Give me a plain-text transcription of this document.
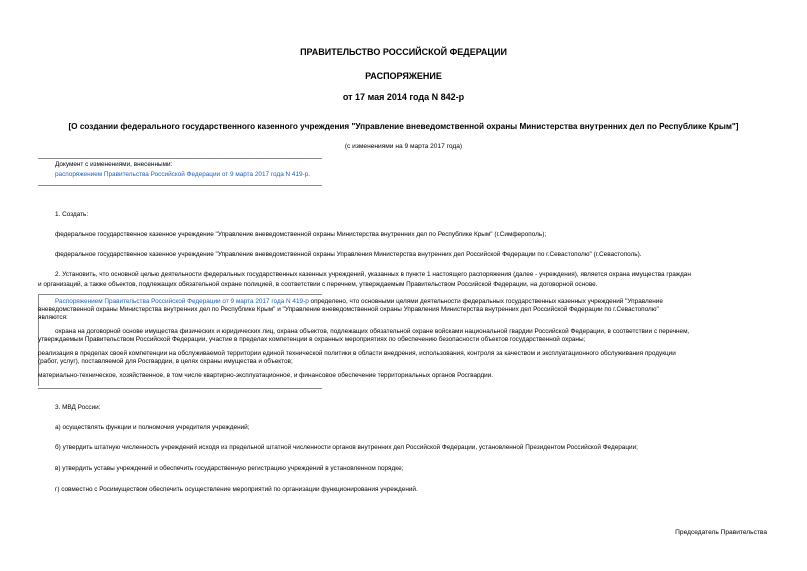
ПРАВИТЕЛЬСТВО РОССИЙСКОЙ ФЕДЕРАЦИИ
РАСПОРЯЖЕНИЕ
от 17 мая 2014 года N 842-р
[О создании федерального государственного казенного учреждения "Управление вневедомственной охраны Министерства внутренних дел по Республике Крым"]
(с изменениями на 9 марта 2017 года)
Документ с изменениями, внесенными:
распоряжением Правительства Российской Федерации от 9 марта 2017 года N 419-р.
1. Создать:
федеральное государственное казенное учреждение "Управление вневедомственной охраны Министерства внутренних дел по Республике Крым" (г.Симферополь);
федеральное государственное казенное учреждение "Управление вневедомственной охраны Управления Министерства внутренних дел Российской Федерации по г.Севастополю" (г.Севастополь).
2. Установить, что основной целью деятельности федеральных государственных казенных учреждений, указанных в пункте 1 настоящего распоряжения (далее - учреждения), является охрана имущества граждан
и организаций, а также объектов, подлежащих обязательной охране полицией, в соответствии с перечнем, утверждаемым Правительством Российской Федерации, на договорной основе.
Распоряжением Правительства Российской Федерации от 9 марта 2017 года N 419-р определено, что основными целями деятельности федеральных государственных казенных учреждений "Управление
вневедомственной охраны Министерства внутренних дел по Республике Крым" и "Управление вневедомственной охраны Управления Министерства внутренних дел Российской Федерации по г.Севастополю"
являются:
охрана на договорной основе имущества физических и юридических лиц, охрана объектов, подлежащих обязательной охране войсками национальной гвардии Российской Федерации, в соответствии с перечнем,
утверждаемым Правительством Российской Федерации, участие в пределах компетенции в охранных мероприятиях по обеспечению безопасности объектов государственной охраны;
реализация в пределах своей компетенции на обслуживаемой территории единой технической политики в области внедрения, использования, контроля за качеством и эксплуатационного обслуживания продукции
(работ, услуг), поставляемой для Росгвардии, в целях охраны имущества и объектов;
материально-техническое, хозяйственное, в том числе квартирно-эксплуатационное, и финансовое обеспечение территориальных органов Росгвардии.
3. МВД России:
а) осуществлять функции и полномочия учредителя учреждений;
б) утвердить штатную численность учреждений исходя из предельной штатной численности органов внутренних дел Российской Федерации, установленной Президентом Российской Федерации;
в) утвердить уставы учреждений и обеспечить государственную регистрацию учреждений в установленном порядке;
г) совместно с Росимуществом обеспечить осуществление мероприятий по организации функционирования учреждений.
Председатель Правительства
